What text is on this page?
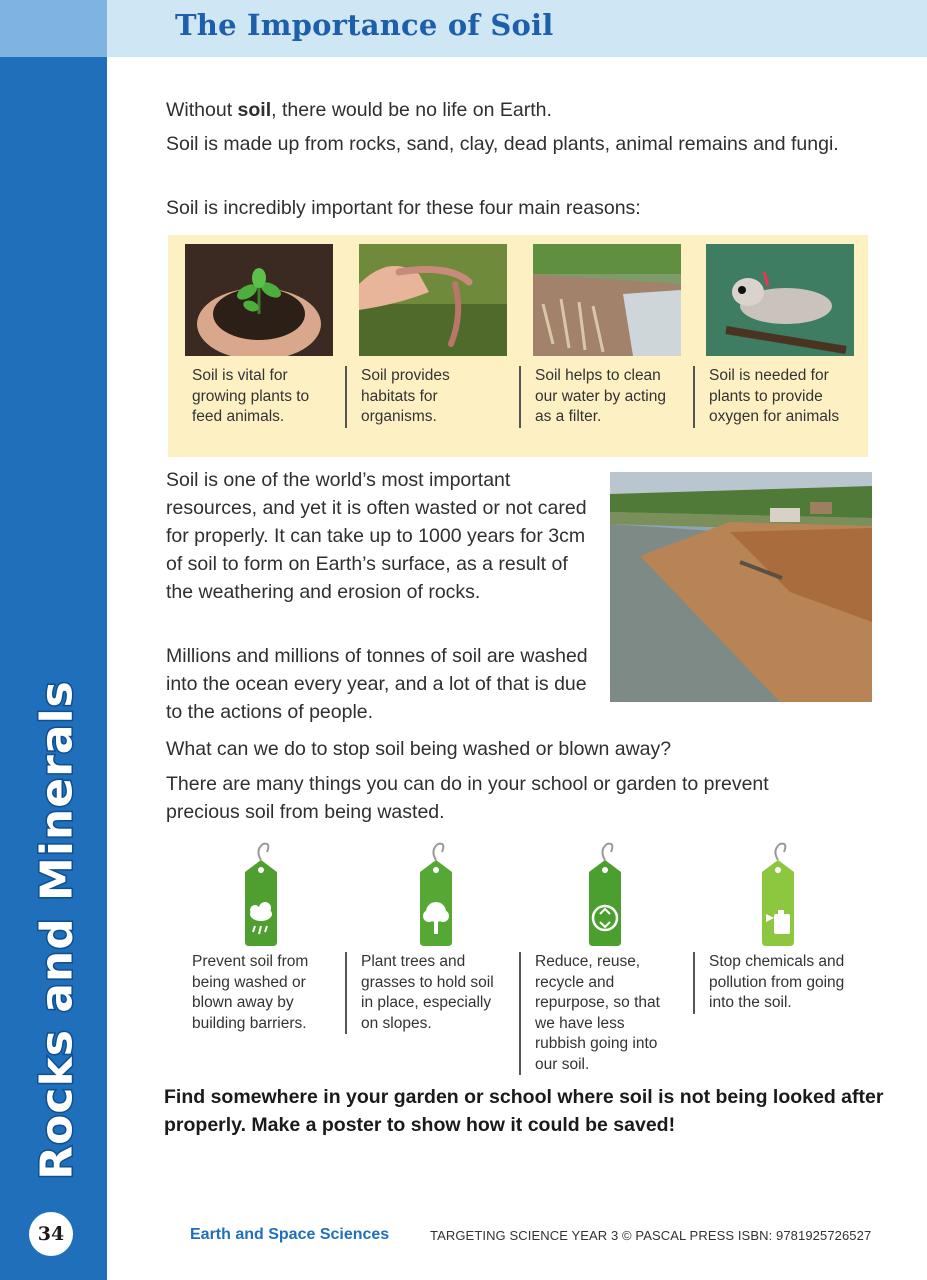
The Importance of Soil
Rocks and Minerals
34

Without soil, there would be no life on Earth.

Soil is made up from rocks, sand, clay, dead plants, animal remains and fungi.

Soil is incredibly important for these four main reasons:

Soil is vital for growing plants to feed animals.
Soil provides habitats for organisms.
Soil helps to clean our water by acting as a filter.
Soil is needed for plants to provide oxygen for animals

Soil is one of the world’s most important resources, and yet it is often wasted or not cared for properly. It can take up to 1000 years for 3cm of soil to form on Earth’s surface, as a result of the weathering and erosion of rocks.

Millions and millions of tonnes of soil are washed into the ocean every year, and a lot of that is due to the actions of people.

What can we do to stop soil being washed or blown away?

There are many things you can do in your school or garden to prevent precious soil from being wasted.

Prevent soil from being washed or blown away by building barriers.
Plant trees and grasses to hold soil in place, especially on slopes.
Reduce, reuse, recycle and repurpose, so that we have less rubbish going into our soil.
Stop chemicals and pollution from going into the soil.

Find somewhere in your garden or school where soil is not being looked after properly. Make a poster to show how it could be saved!

Earth and Space Sciences	TARGETING SCIENCE YEAR 3 © PASCAL PRESS ISBN: 9781925726527
